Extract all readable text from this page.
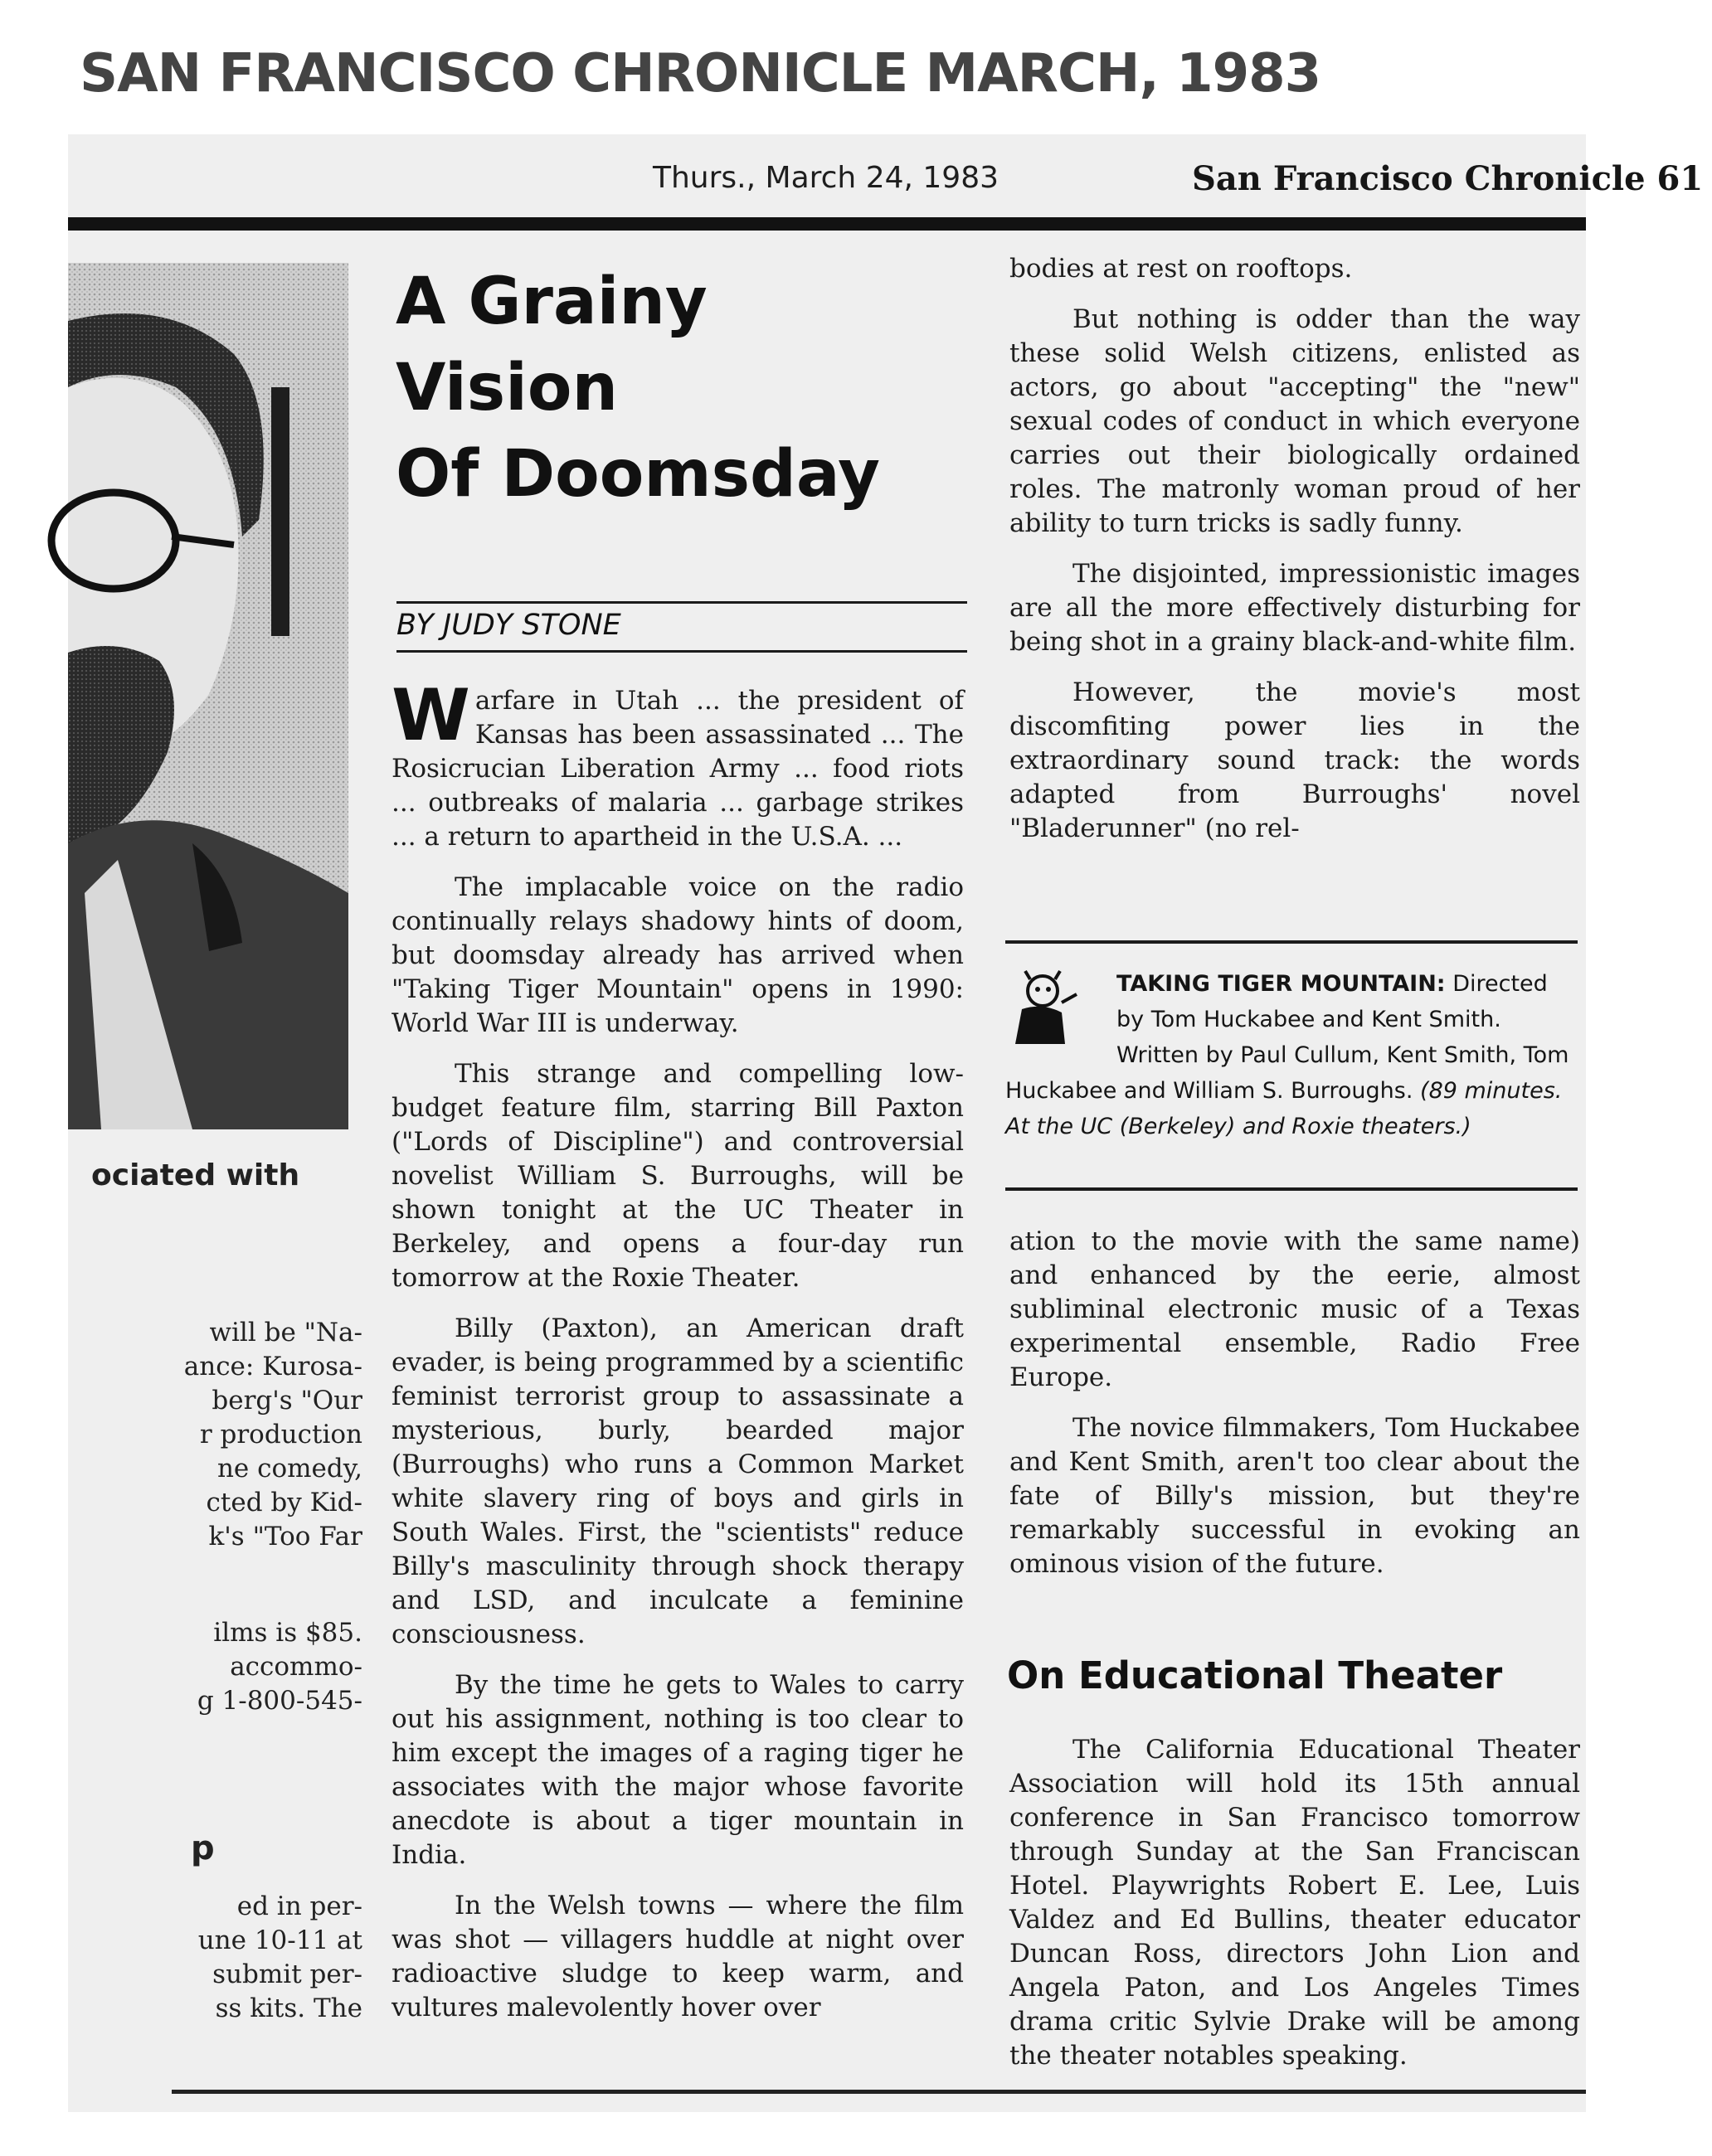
SAN FRANCISCO CHRONICLE MARCH, 1983
Thurs., March 24, 1983	San Francisco Chronicle 61
ociated with
will be "Na-
ance: Kurosa-
berg's "Our
r production
ne comedy,
cted by Kid-
k's "Too Far
ilms is $85.
accommo-
g 1-800-545-
p
ed in per-
une 10-11 at
submit per-
ss kits. The
A Grainy
Vision
Of Doomsday
BY JUDY STONE

Warfare in Utah ... the president of Kansas has been assassinated ... The Rosicrucian Liberation Army ... food riots ... outbreaks of malaria ... garbage strikes ... a return to apartheid in the U.S.A. ...

The implacable voice on the radio continually relays shadowy hints of doom, but doomsday already has arrived when "Taking Tiger Mountain" opens in 1990: World War III is underway.

This strange and compelling low-budget feature film, starring Bill Paxton ("Lords of Discipline") and controversial novelist William S. Burroughs, will be shown tonight at the UC Theater in Berkeley, and opens a four-day run tomorrow at the Roxie Theater.

Billy (Paxton), an American draft evader, is being programmed by a scientific feminist terrorist group to assassinate a mysterious, burly, bearded major (Burroughs) who runs a Common Market white slavery ring of boys and girls in South Wales. First, the "scientists" reduce Billy's masculinity through shock therapy and LSD, and inculcate a feminine consciousness.

By the time he gets to Wales to carry out his assignment, nothing is too clear to him except the images of a raging tiger he associates with the major whose favorite anecdote is about a tiger mountain in India.

In the Welsh towns — where the film was shot — villagers huddle at night over radioactive sludge to keep warm, and vultures malevolently hover over

bodies at rest on rooftops.

But nothing is odder than the way these solid Welsh citizens, enlisted as actors, go about "accepting" the "new" sexual codes of conduct in which everyone carries out their biologically ordained roles. The matronly woman proud of her ability to turn tricks is sadly funny.

The disjointed, impressionistic images are all the more effectively disturbing for being shot in a grainy black-and-white film.

However, the movie's most discomfiting power lies in the extraordinary sound track: the words adapted from Burroughs' novel "Bladerunner" (no rel-

TAKING TIGER MOUNTAIN: Directed by Tom Huckabee and Kent Smith. Written by Paul Cullum, Kent Smith, Tom Huckabee and William S. Burroughs. (89 minutes. At the UC (Berkeley) and Roxie theaters.)

ation to the movie with the same name) and enhanced by the eerie, almost subliminal electronic music of a Texas experimental ensemble, Radio Free Europe.

The novice filmmakers, Tom Huckabee and Kent Smith, aren't too clear about the fate of Billy's mission, but they're remarkably successful in evoking an ominous vision of the future.

On Educational Theater

The California Educational Theater Association will hold its 15th annual conference in San Francisco tomorrow through Sunday at the San Franciscan Hotel. Playwrights Robert E. Lee, Luis Valdez and Ed Bullins, theater educator Duncan Ross, directors John Lion and Angela Paton, and Los Angeles Times drama critic Sylvie Drake will be among the theater notables speaking.
